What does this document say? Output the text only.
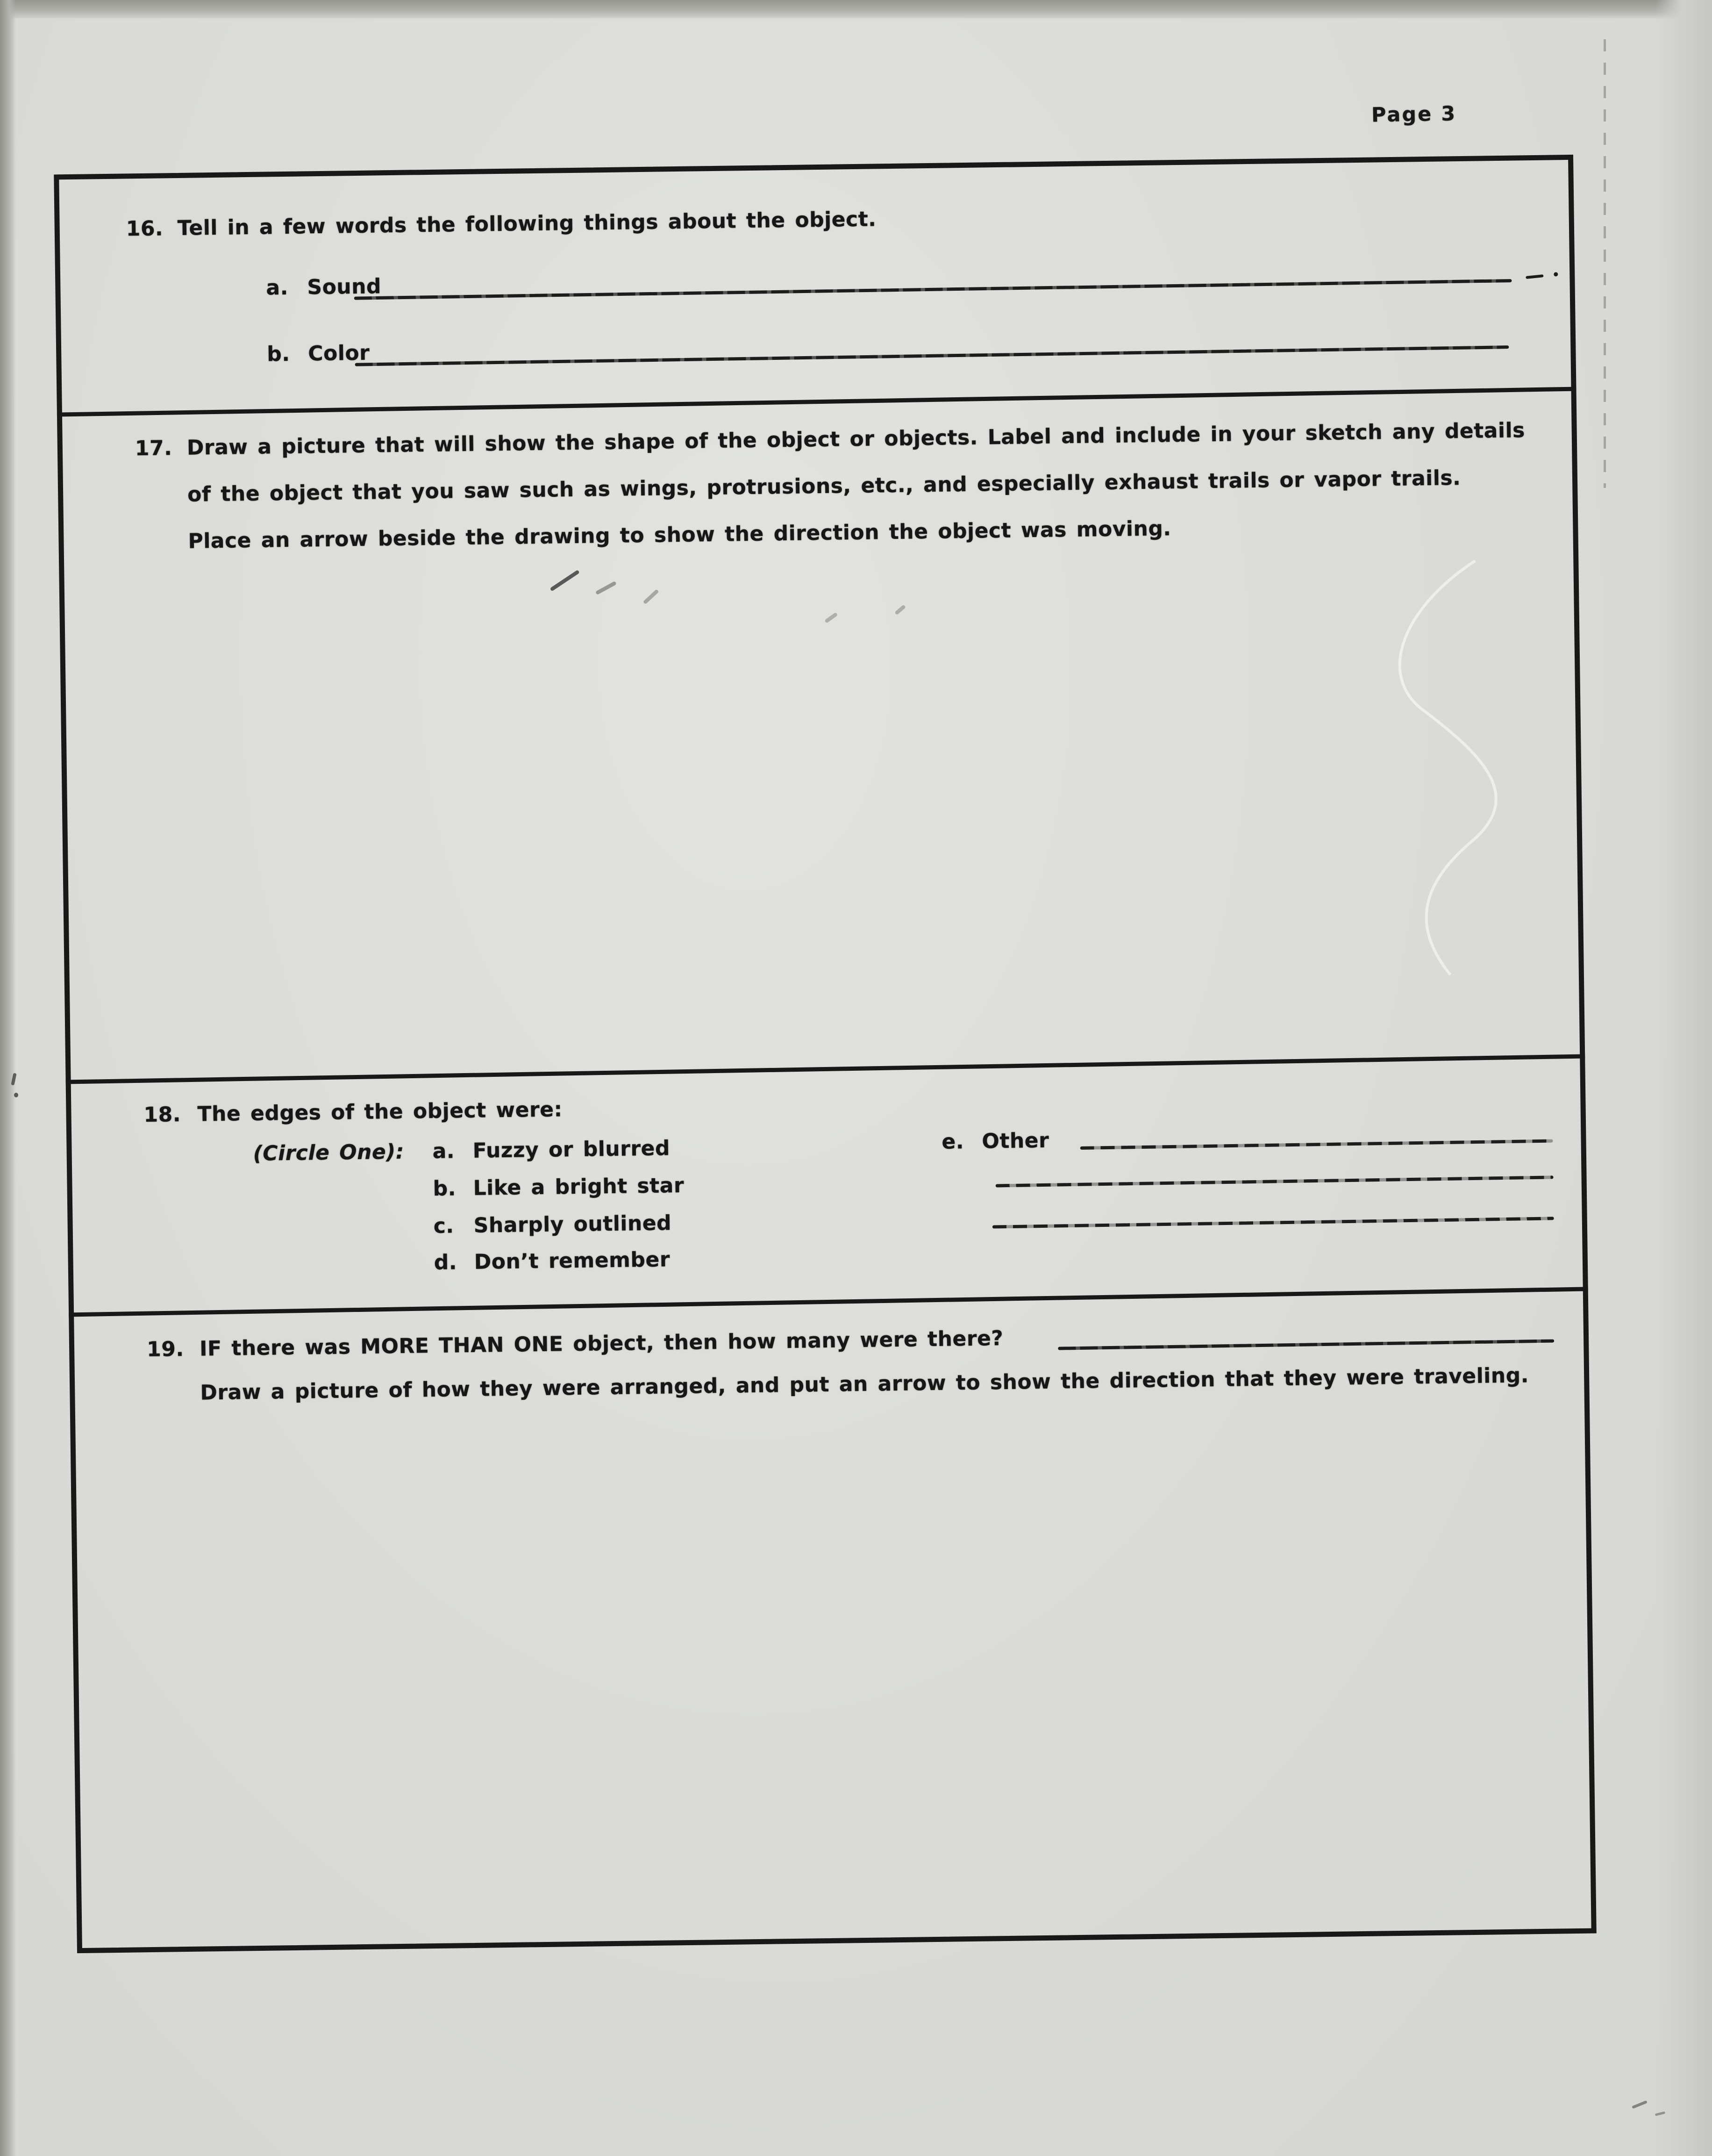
Page 3
16. Tell in a few words the following things about the object.
a. Sound
b. Color
17. Draw a picture that will show the shape of the object or objects. Label and include in your sketch any details
of the object that you saw such as wings, protrusions, etc., and especially exhaust trails or vapor trails.
Place an arrow beside the drawing to show the direction the object was moving.
18. The edges of the object were:
(Circle One): a. Fuzzy or blurred
b. Like a bright star
c. Sharply outlined
d. Don’t remember
e. Other
19. IF there was MORE THAN ONE object, then how many were there?
Draw a picture of how they were arranged, and put an arrow to show the direction that they were traveling.
